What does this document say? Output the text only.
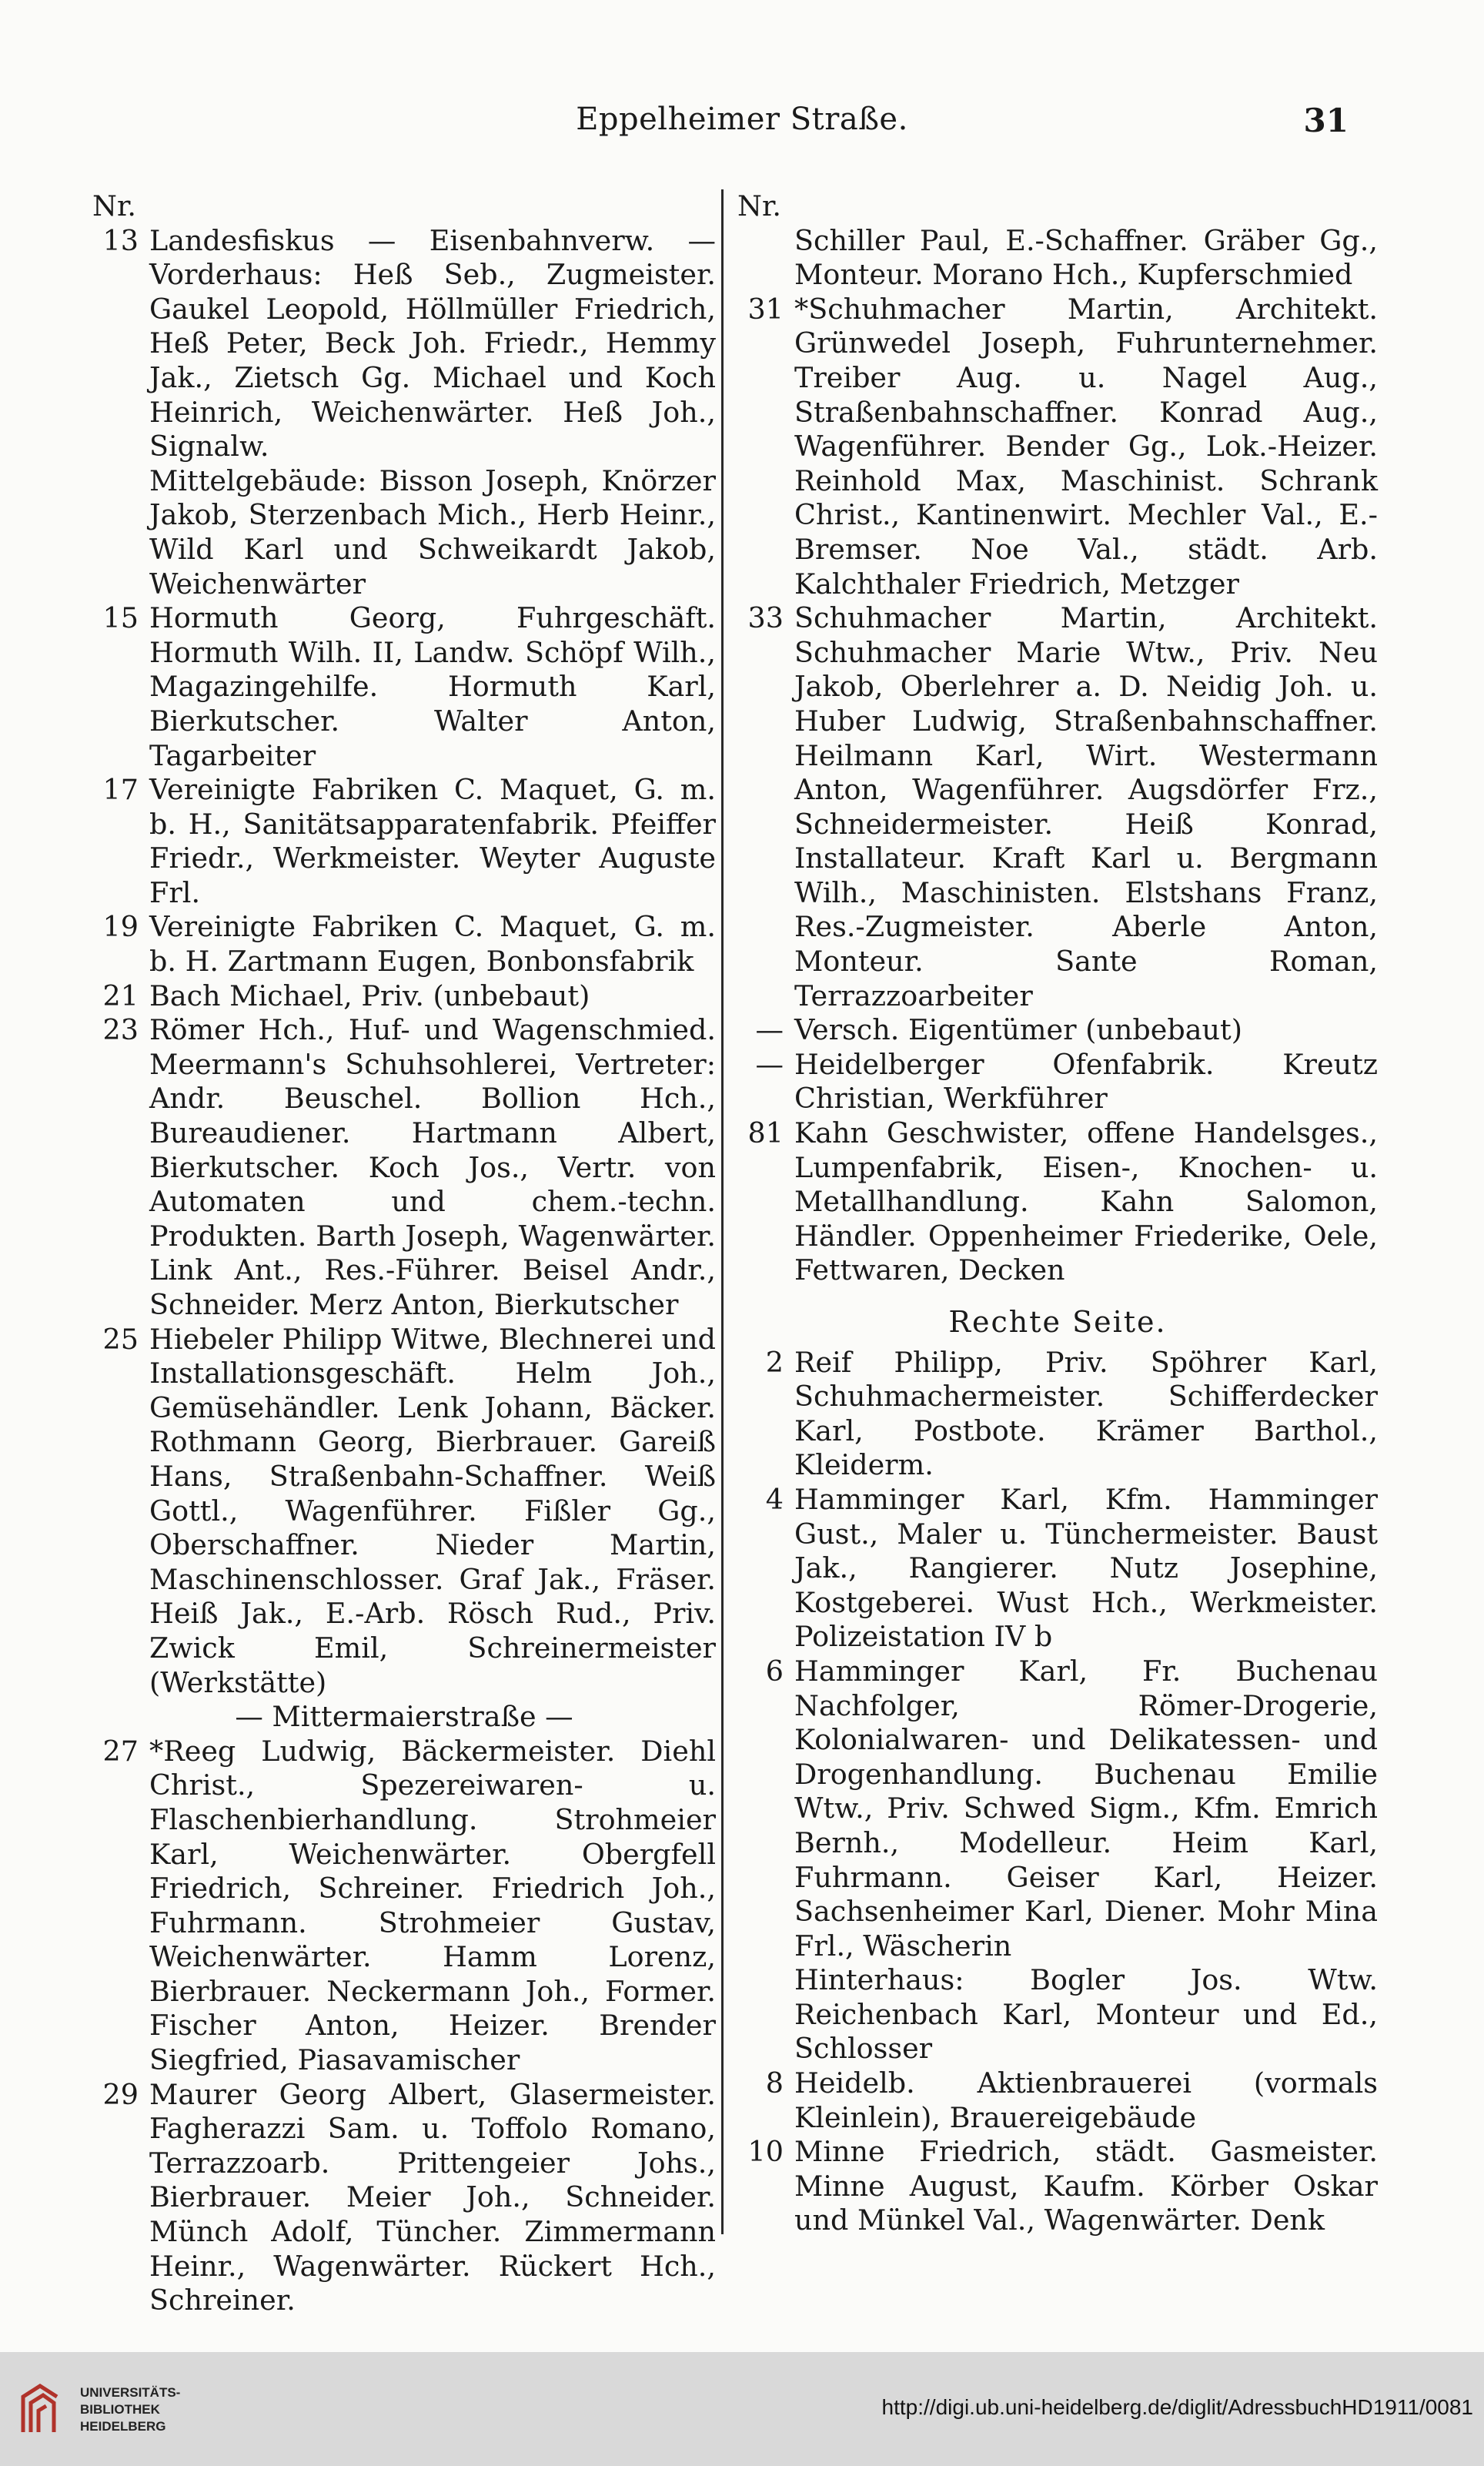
Eppelheimer Straße.	31
Nr.
13 Landesfiskus — Eisenbahnverw. — Vorderhaus: Heß Seb., Zugmeister. Gaukel Leopold, Höllmüller Friedrich, Heß Peter, Beck Joh. Friedr., Hemmy Jak., Zietsch Gg. Michael und Koch Heinrich, Weichenwärter. Heß Joh., Signalw.
Mittelgebäude: Bisson Joseph, Knörzer Jakob, Sterzenbach Mich., Herb Heinr., Wild Karl und Schweikardt Jakob, Weichenwärter
15 Hormuth Georg, Fuhrgeschäft. Hormuth Wilh. II, Landw. Schöpf Wilh., Magazingehilfe. Hormuth Karl, Bierkutscher. Walter Anton, Tagarbeiter
17 Vereinigte Fabriken C. Maquet, G. m. b. H., Sanitätsapparatenfabrik. Pfeiffer Friedr., Werkmeister. Weyter Auguste Frl.
19 Vereinigte Fabriken C. Maquet, G. m. b. H. Zartmann Eugen, Bonbonsfabrik
21 Bach Michael, Priv. (unbebaut)
23 Römer Hch., Huf- und Wagenschmied. Meermann's Schuhsohlerei, Vertreter: Andr. Beuschel. Bollion Hch., Bureaudiener. Hartmann Albert, Bierkutscher. Koch Jos., Vertr. von Automaten und chem.-techn. Produkten. Barth Joseph, Wagenwärter. Link Ant., Res.-Führer. Beisel Andr., Schneider. Merz Anton, Bierkutscher
25 Hiebeler Philipp Witwe, Blechnerei und Installationsgeschäft. Helm Joh., Gemüsehändler. Lenk Johann, Bäcker. Rothmann Georg, Bierbrauer. Gareiß Hans, Straßenbahn-Schaffner. Weiß Gottl., Wagenführer. Fißler Gg., Oberschaffner. Nieder Martin, Maschinenschlosser. Graf Jak., Fräser. Heiß Jak., E.-Arb. Rösch Rud., Priv. Zwick Emil, Schreinermeister (Werkstätte)
— Mittermaierstraße —
27 *Reeg Ludwig, Bäckermeister. Diehl Christ., Spezereiwaren- u. Flaschenbierhandlung. Strohmeier Karl, Weichenwärter. Obergfell Friedrich, Schreiner. Friedrich Joh., Fuhrmann. Strohmeier Gustav, Weichenwärter. Hamm Lorenz, Bierbrauer. Neckermann Joh., Former. Fischer Anton, Heizer. Brender Siegfried, Piasavamischer
29 Maurer Georg Albert, Glasermeister. Fagherazzi Sam. u. Toffolo Romano, Terrazzoarb. Prittengeier Johs., Bierbrauer. Meier Joh., Schneider. Münch Adolf, Tüncher. Zimmermann Heinr., Wagenwärter. Rückert Hch., Schreiner.
Nr.
Schiller Paul, E.-Schaffner. Gräber Gg., Monteur. Morano Hch., Kupferschmied
31 *Schuhmacher Martin, Architekt. Grünwedel Joseph, Fuhrunternehmer. Treiber Aug. u. Nagel Aug., Straßenbahnschaffner. Konrad Aug., Wagenführer. Bender Gg., Lok.-Heizer. Reinhold Max, Maschinist. Schrank Christ., Kantinenwirt. Mechler Val., E.-Bremser. Noe Val., städt. Arb. Kalchthaler Friedrich, Metzger
33 Schuhmacher Martin, Architekt. Schuhmacher Marie Wtw., Priv. Neu Jakob, Oberlehrer a. D. Neidig Joh. u. Huber Ludwig, Straßenbahnschaffner. Heilmann Karl, Wirt. Westermann Anton, Wagenführer. Augsdörfer Frz., Schneidermeister. Heiß Konrad, Installateur. Kraft Karl u. Bergmann Wilh., Maschinisten. Elstshans Franz, Res.-Zugmeister. Aberle Anton, Monteur. Sante Roman, Terrazzoarbeiter
— Versch. Eigentümer (unbebaut)
— Heidelberger Ofenfabrik. Kreutz Christian, Werkführer
81 Kahn Geschwister, offene Handelsges., Lumpenfabrik, Eisen-, Knochen- u. Metallhandlung. Kahn Salomon, Händler. Oppenheimer Friederike, Oele, Fettwaren, Decken
Rechte Seite.
2 Reif Philipp, Priv. Spöhrer Karl, Schuhmachermeister. Schifferdecker Karl, Postbote. Krämer Barthol., Kleiderm.
4 Hamminger Karl, Kfm. Hamminger Gust., Maler u. Tünchermeister. Baust Jak., Rangierer. Nutz Josephine, Kostgeberei. Wust Hch., Werkmeister. Polizeistation IV b
6 Hamminger Karl, Fr. Buchenau Nachfolger, Römer-Drogerie, Kolonialwaren- und Delikatessen- und Drogenhandlung. Buchenau Emilie Wtw., Priv. Schwed Sigm., Kfm. Emrich Bernh., Modelleur. Heim Karl, Fuhrmann. Geiser Karl, Heizer. Sachsenheimer Karl, Diener. Mohr Mina Frl., Wäscherin
Hinterhaus: Bogler Jos. Wtw. Reichenbach Karl, Monteur und Ed., Schlosser
8 Heidelb. Aktienbrauerei (vormals Kleinlein), Brauereigebäude
10 Minne Friedrich, städt. Gasmeister. Minne August, Kaufm. Körber Oskar und Münkel Val., Wagenwärter. Denk
UNIVERSITÄTS-
BIBLIOTHEK
HEIDELBERG
http://digi.ub.uni-heidelberg.de/diglit/AdressbuchHD1911/0081
